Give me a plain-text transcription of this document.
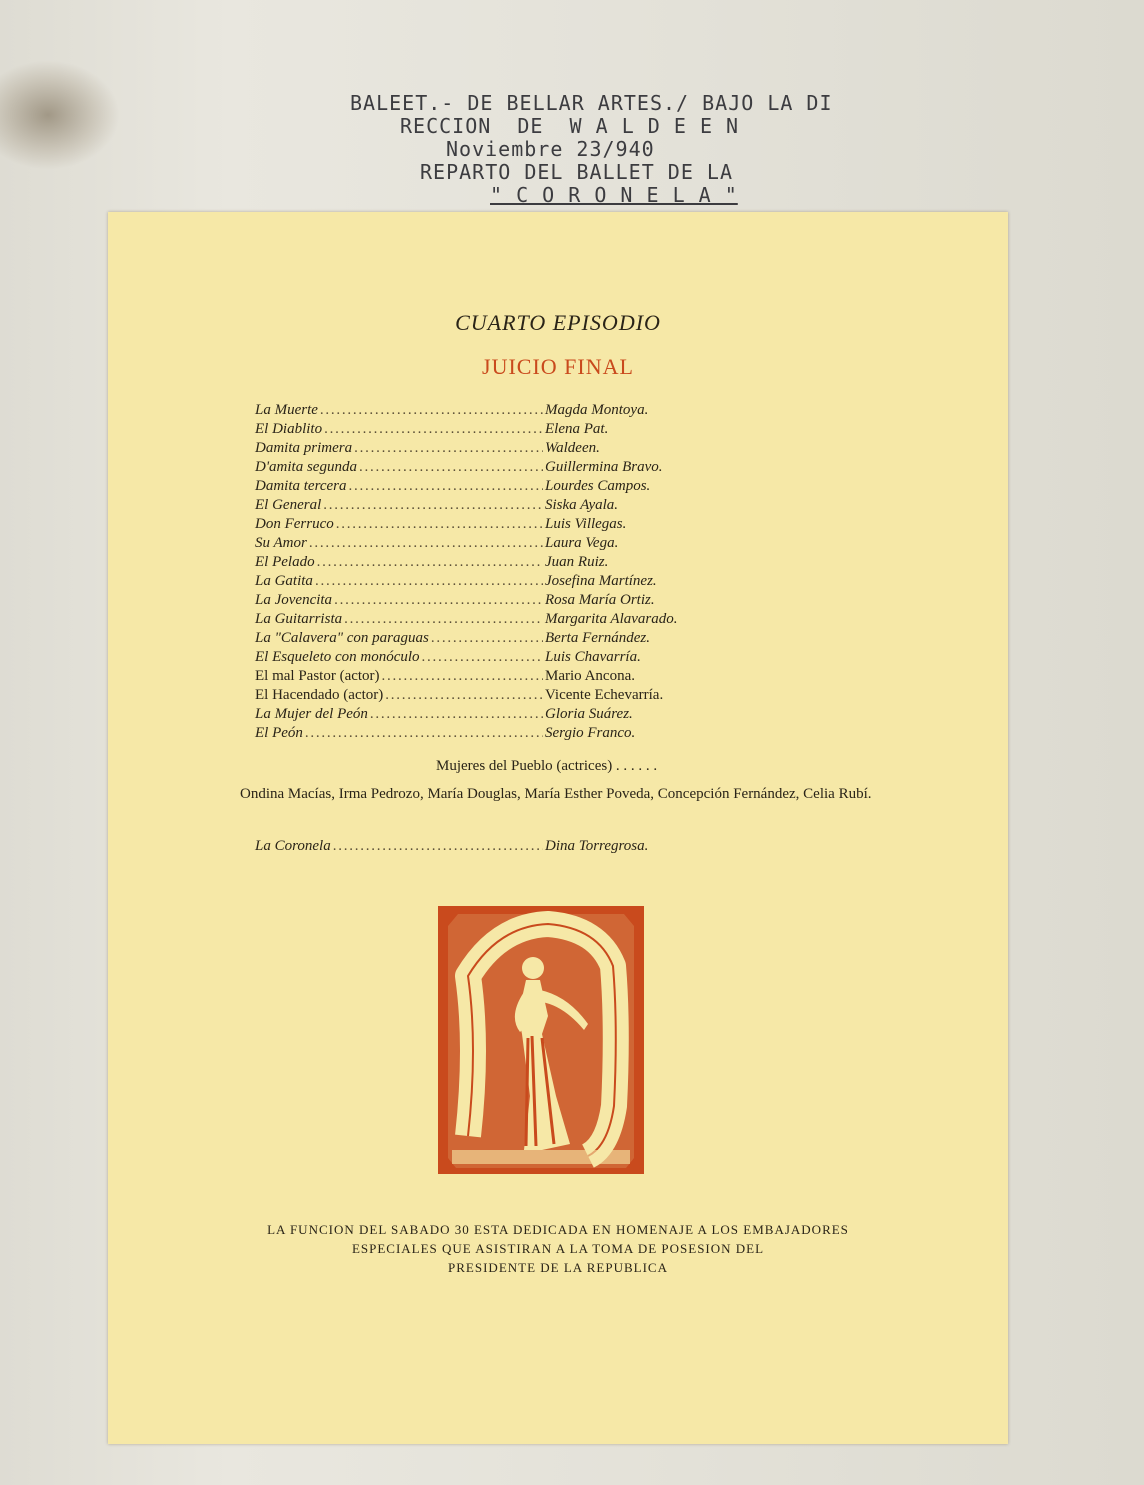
BALEET.- DE BELLAR ARTES./ BAJO LA DI
RECCION  DE  W A L D E E N
Noviembre 23/940
REPARTO DEL BALLET DE LA
" C O R O N E L A "
CUARTO EPISODIO
JUICIO FINAL
La Muerte . . .	Magda Montoya.
El Diablito . . .	Elena Pat.
Damita primera . . .	Waldeen.
D'amita segunda . . .	Guillermina Bravo.
Damita tercera . . .	Lourdes Campos.
El General . . .	Siska Ayala.
Don Ferruco . . .	Luis Villegas.
Su Amor . . .	Laura Vega.
El Pelado . . .	Juan Ruiz.
La Gatita . . .	Josefina Martínez.
La Jovencita . . .	Rosa María Ortiz.
La Guitarrista . . .	Margarita Alavarado.
La "Calavera" con paraguas . . .	Berta Fernández.
El Esqueleto con monóculo . . .	Luis Chavarría.
El mal Pastor (actor) . . .	Mario Ancona.
El Hacendado (actor) . . .	Vicente Echevarría.
La Mujer del Peón . . .	Gloria Suárez.
El Peón . . .	Sergio Franco.
Mujeres del Pueblo (actrices) . . . . . .
Ondina Macías, Irma Pedrozo, María Douglas, María Esther Poveda, Concepción Fernández, Celia Rubí.
La Coronela . . .	Dina Torregrosa.
LA FUNCION DEL SABADO 30 ESTA DEDICADA EN HOMENAJE A LOS EMBAJADORES
ESPECIALES QUE ASISTIRAN A LA TOMA DE POSESION DEL
PRESIDENTE DE LA REPUBLICA
